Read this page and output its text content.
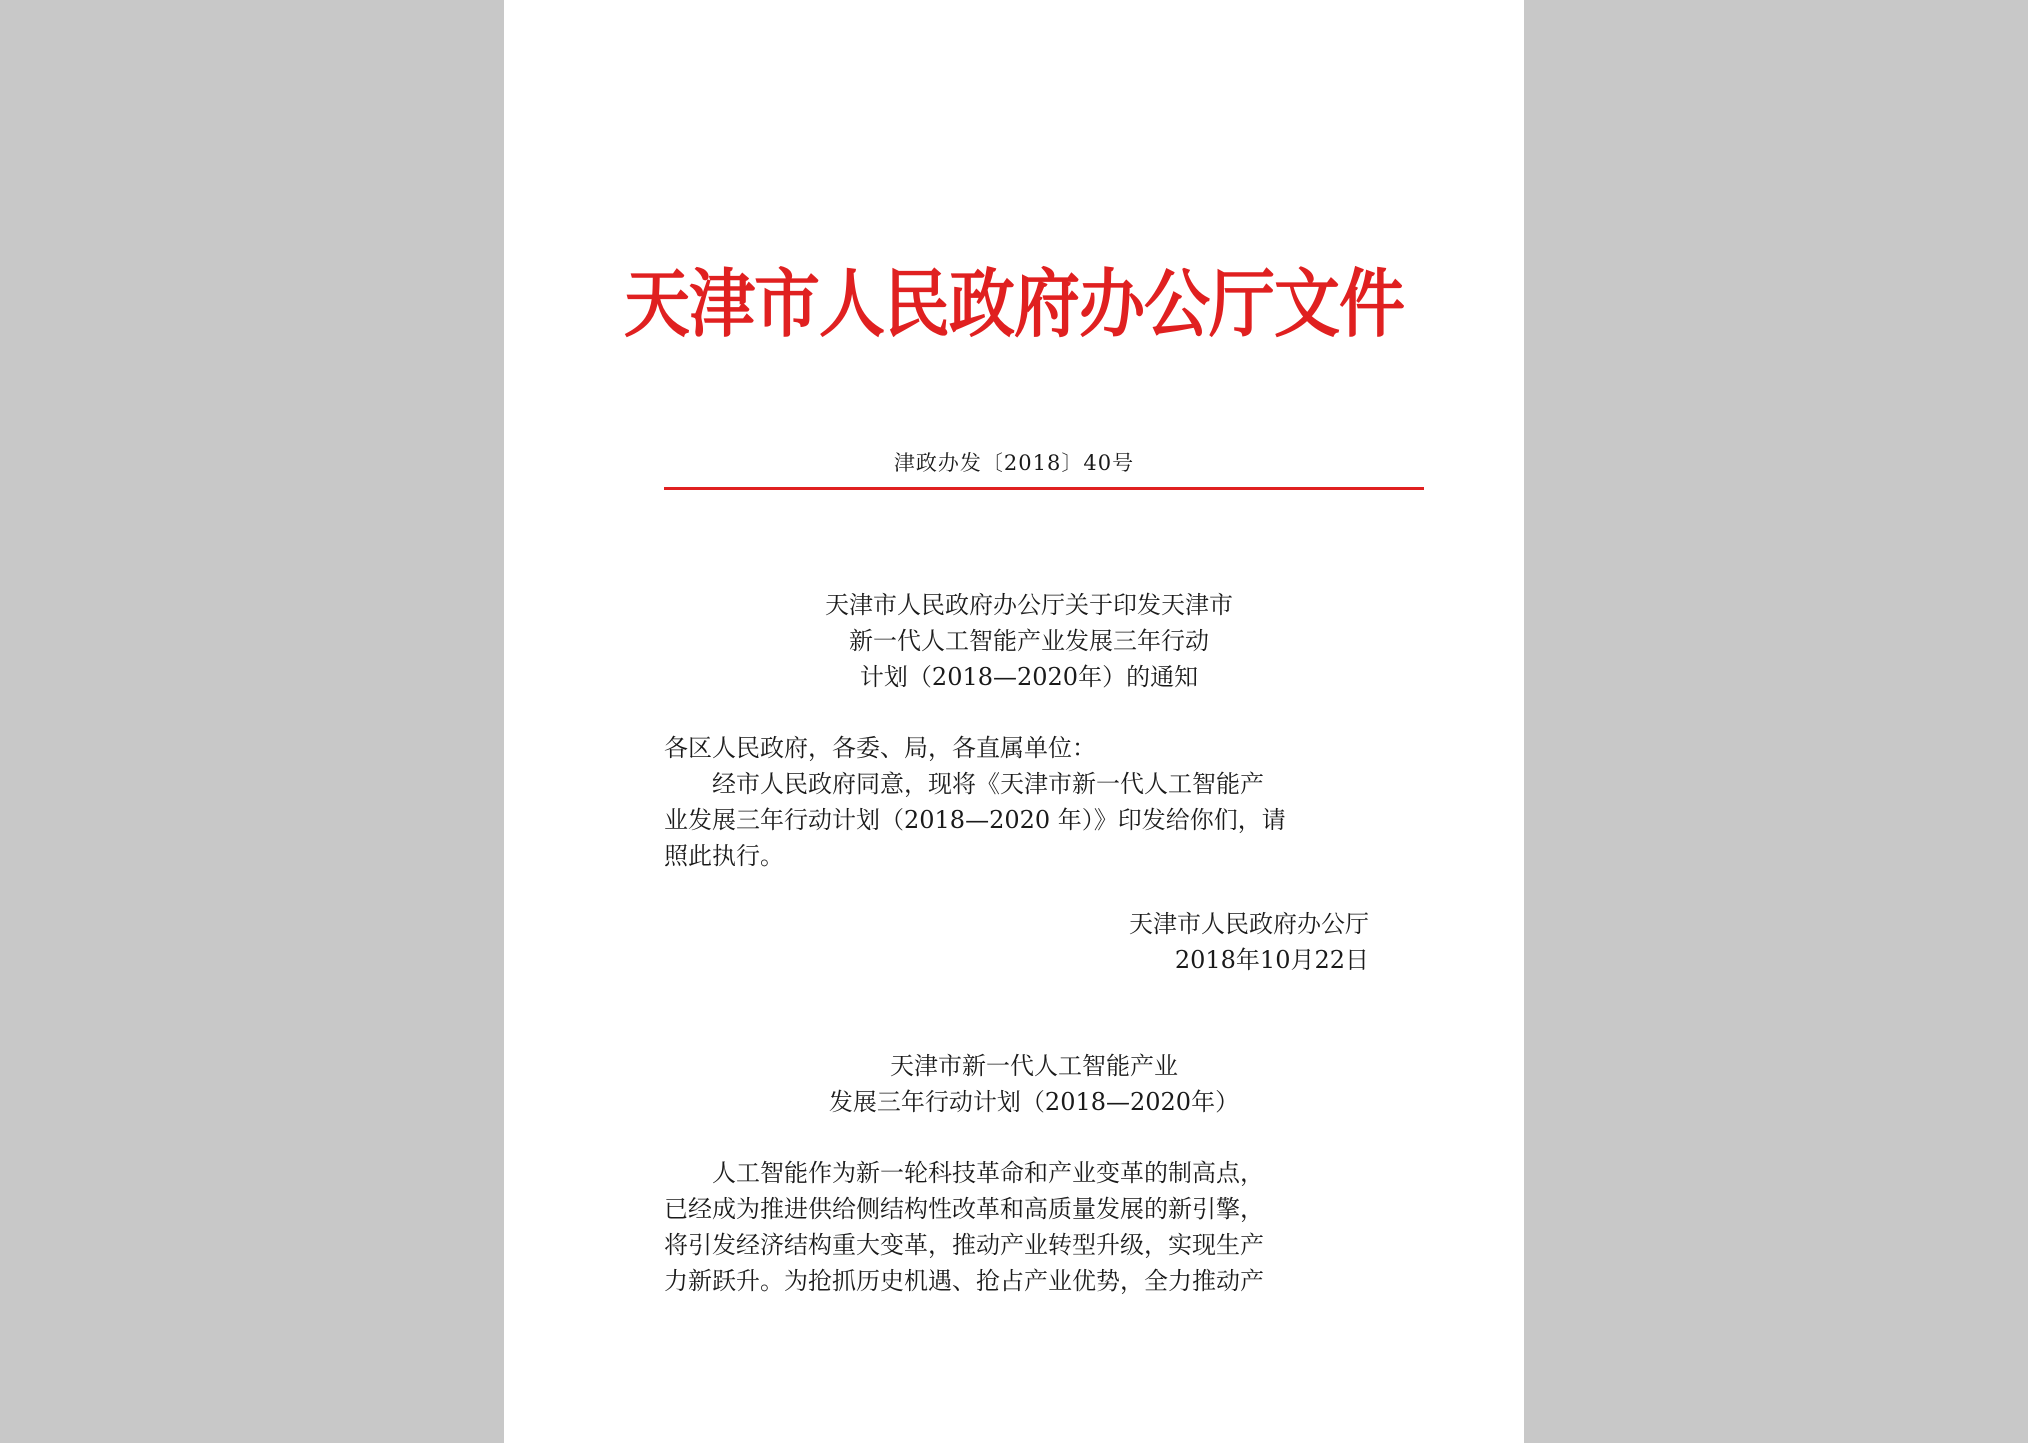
天津市人民政府办公厅文件
津政办发〔2018〕40号
天津市人民政府办公厅关于印发天津市
新一代人工智能产业发展三年行动
计划（2018—2020年）的通知
各区人民政府，各委、局，各直属单位：
经市人民政府同意，现将《天津市新一代人工智能产
业发展三年行动计划（2018—2020 年）》印发给你们，请
照此执行。
天津市人民政府办公厅
2018年10月22日
天津市新一代人工智能产业
发展三年行动计划（2018—2020年）
人工智能作为新一轮科技革命和产业变革的制高点，
已经成为推进供给侧结构性改革和高质量发展的新引擎，
将引发经济结构重大变革，推动产业转型升级，实现生产
力新跃升。为抢抓历史机遇、抢占产业优势，全力推动产
